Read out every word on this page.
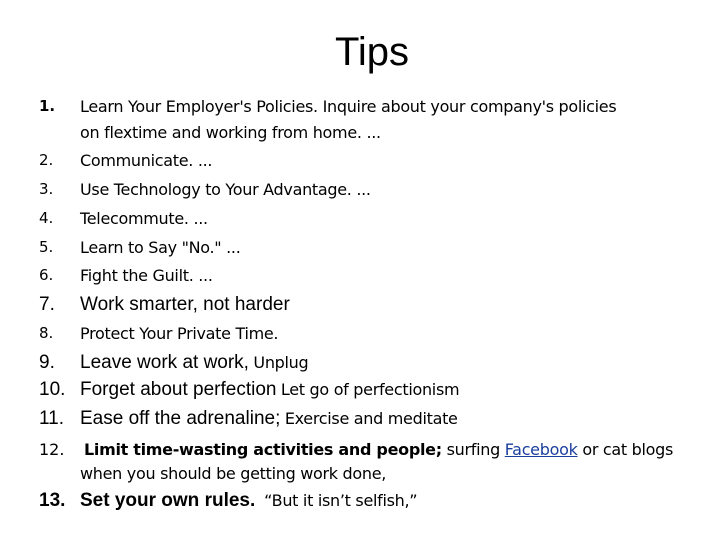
Tips
1. Learn Your Employer's Policies. Inquire about your company's policies
on flextime and working from home. ...
2. Communicate. ...
3. Use Technology to Your Advantage. ...
4. Telecommute. ...
5. Learn to Say "No." ...
6. Fight the Guilt. ...
7. Work smarter, not harder
8. Protect Your Private Time.
9. Leave work at work, Unplug
10. Forget about perfection Let go of perfectionism
11. Ease off the adrenaline; Exercise and meditate
12. Limit time-wasting activities and people; surfing Facebook or cat blogs
when you should be getting work done,
13. Set your own rules. “But it isn’t selfish,”
